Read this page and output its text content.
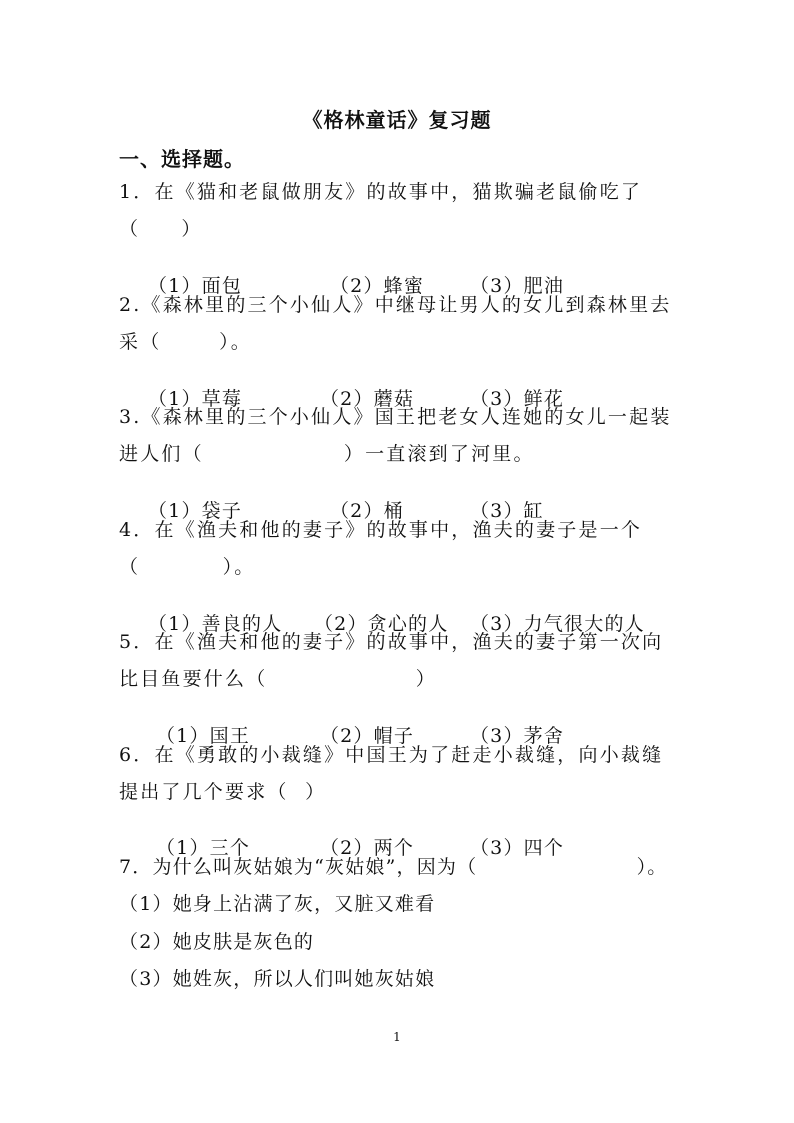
《格林童话》复习题
一、选择题。
1．在《猫和老鼠做朋友》的故事中，猫欺骗老鼠偷吃了
（     ）

（1）面包	（2）蜂蜜 （3）肥油

2.《森林里的三个小仙人》中继母让男人的女儿到森林里去
采（       ）。

（1）草莓	（2）蘑菇	（3）鲜花

3.《森林里的三个小仙人》国王把老女人连她的女儿一起装
进人们（                 ）一直滚到了河里。

（1）袋子	（2）桶	（3）缸

4．在《渔夫和他的妻子》的故事中，渔夫的妻子是一个
（          ）。

（1）善良的人 （2）贪心的人 （3）力气很大的人

5．在《渔夫和他的妻子》的故事中，渔夫的妻子第一次向
比目鱼要什么（                  ）

（1）国王	（2）帽子	（3）茅舍

6．在《勇敢的小裁缝》中国王为了赶走小裁缝，向小裁缝
提出了几个要求（  ）

（1）三个	（2）两个	（3）四个

7．为什么叫灰姑娘为“灰姑娘”，因为（                      ）。
（1）她身上沾满了灰，又脏又难看
（2）她皮肤是灰色的
（3）她姓灰，所以人们叫她灰姑娘
1
